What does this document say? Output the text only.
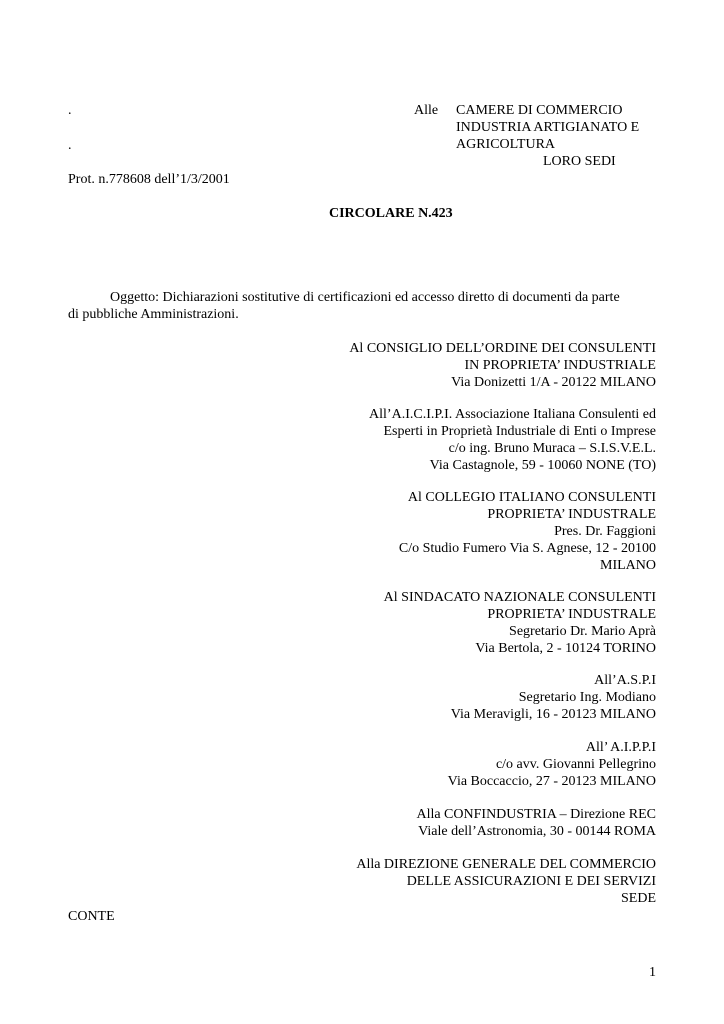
.
.
Alle CAMERE DI COMMERCIO
INDUSTRIA ARTIGIANATO E
AGRICOLTURA
LORO SEDI
Prot. n.778608 dell’1/3/2001
CIRCOLARE N.423
Oggetto: Dichiarazioni sostitutive di certificazioni ed accesso diretto di documenti da parte
di pubbliche Amministrazioni.
Al CONSIGLIO DELL’ORDINE DEI CONSULENTI
IN PROPRIETA’ INDUSTRIALE
Via Donizetti 1/A - 20122 MILANO
All’A.I.C.I.P.I. Associazione Italiana Consulenti ed
Esperti in Proprietà Industriale di Enti o Imprese
c/o ing. Bruno Muraca – S.I.S.V.E.L.
Via Castagnole, 59 - 10060 NONE (TO)
Al COLLEGIO ITALIANO CONSULENTI
PROPRIETA’ INDUSTRALE
Pres. Dr. Faggioni
C/o Studio Fumero Via S. Agnese, 12 - 20100
MILANO
Al SINDACATO NAZIONALE CONSULENTI
PROPRIETA’ INDUSTRALE
Segretario Dr. Mario Aprà
Via Bertola, 2 - 10124 TORINO
All’A.S.P.I
Segretario Ing. Modiano
Via Meravigli, 16 - 20123 MILANO
All’ A.I.P.P.I
c/o avv. Giovanni Pellegrino
Via Boccaccio, 27 - 20123 MILANO
Alla CONFINDUSTRIA – Direzione REC
Viale dell’Astronomia, 30 - 00144 ROMA
Alla DIREZIONE GENERALE DEL COMMERCIO
DELLE ASSICURAZIONI E DEI SERVIZI
SEDE
CONTE
1
